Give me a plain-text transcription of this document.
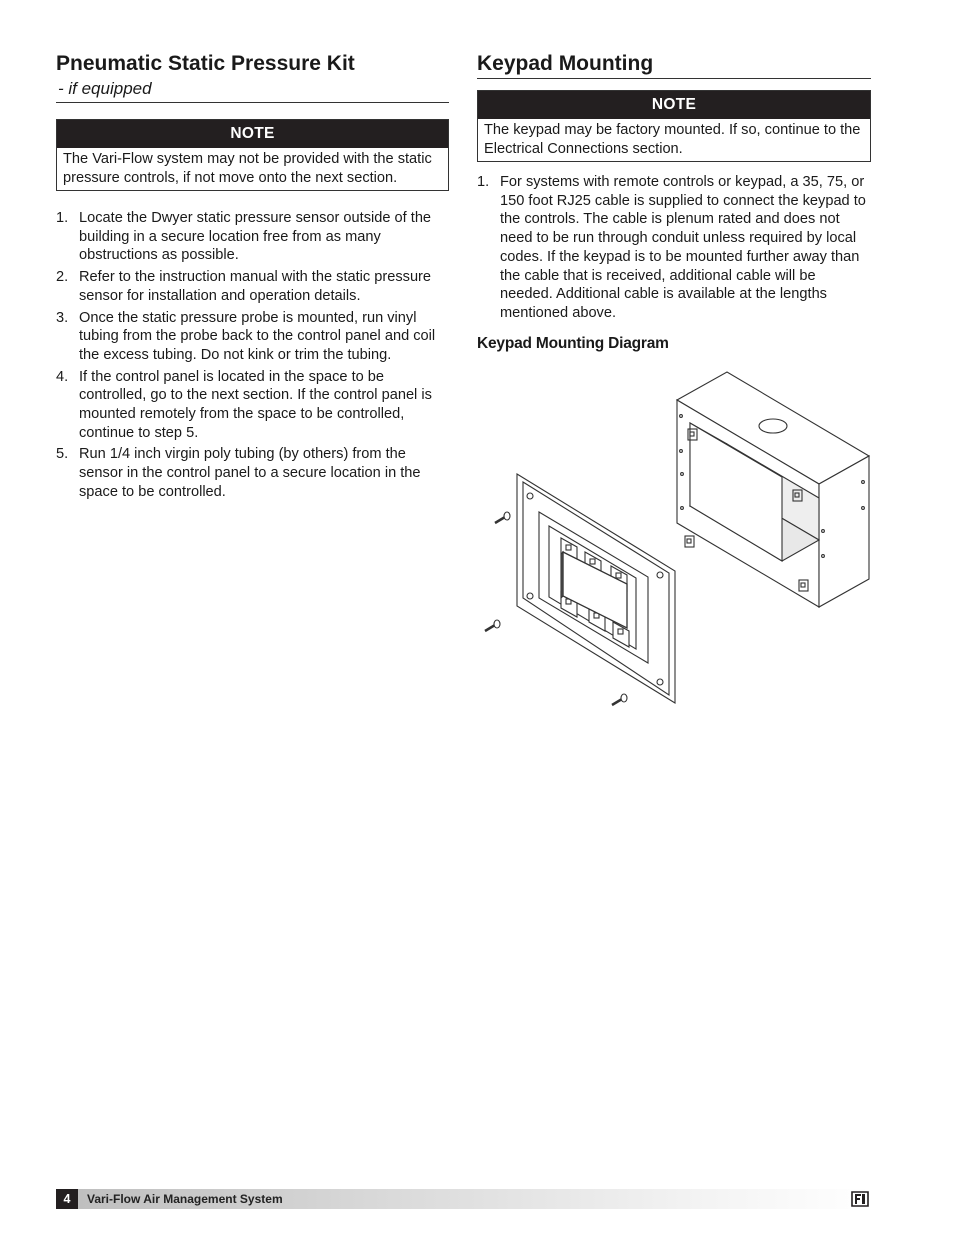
Pneumatic Static Pressure Kit
- if equipped
NOTE
The Vari-Flow system may not be provided with the static pressure controls, if not move onto the next section.
1. Locate the Dwyer static pressure sensor outside of the building in a secure location free from as many obstructions as possible.
2. Refer to the instruction manual with the static pressure sensor for installation and operation details.
3. Once the static pressure probe is mounted, run vinyl tubing from the probe back to the control panel and coil the excess tubing. Do not kink or trim the tubing.
4. If the control panel is located in the space to be controlled, go to the next section. If the control panel is mounted remotely from the space to be controlled, continue to step 5.
5. Run 1/4 inch virgin poly tubing (by others) from the sensor in the control panel to a secure location in the space to be controlled.
Keypad Mounting
NOTE
The keypad may be factory mounted. If so, continue to the Electrical Connections section.
1. For systems with remote controls or keypad, a 35, 75, or 150 foot RJ25 cable is supplied to connect the keypad to the controls. The cable is plenum rated and does not need to be run through conduit unless required by local codes. If the keypad is to be mounted further away than the cable that is received, additional cable will be needed. Additional cable is available at the lengths mentioned above.
Keypad Mounting Diagram
4	Vari-Flow Air Management System
